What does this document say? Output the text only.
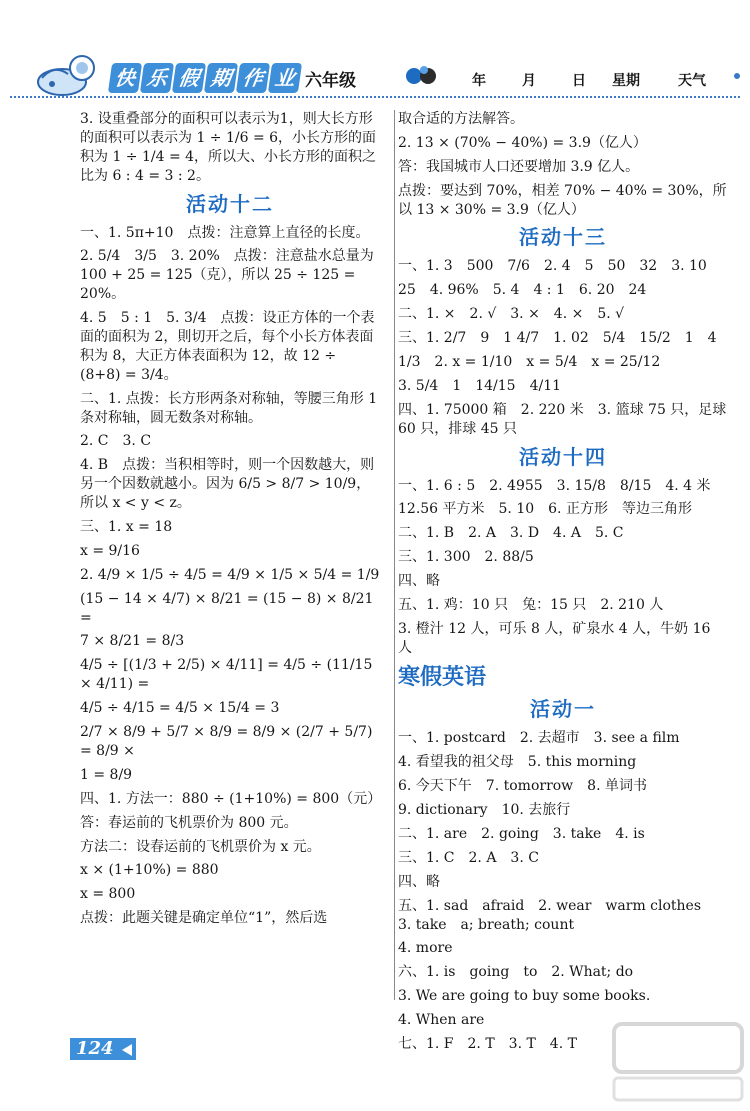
快 乐 假 期 作 业 六年级	年	月	日 星期	天气
3. 设重叠部分的面积可以表示为1，则大长方形的面积可以表示为 1 ÷ 1/6 = 6，小长方形的面积为 1 ÷ 1/4 = 4，所以大、小长方形的面积之比为 6 : 4 = 3 : 2。
活动十二
一、1. 5π+10　点拨：注意算上直径的长度。
2. 5/4　3/5　3. 20%　点拨：注意盐水总量为 100 + 25 = 125（克），所以 25 ÷ 125 = 20%。
4. 5　5 : 1　5. 3/4　点拨：设正方体的一个表面的面积为 2，則切开之后，每个小长方体表面积为 8，大正方体表面积为 12，故 12 ÷ (8+8) = 3/4。
二、1. 点拨：长方形两条对称轴，等腰三角形 1 条对称轴，圆无数条对称轴。
2. C　3. C
4. B　点拨：当积相等时，则一个因数越大，则另一个因数就越小。因为 6/5 > 8/7 > 10/9，所以 x < y < z。
三、1. x = 18
x = 9/16
2. 4/9 × 1/5 ÷ 4/5 = 4/9 × 1/5 × 5/4 = 1/9
(15 − 14 × 4/7) × 8/21 = (15 − 8) × 8/21 =
7 × 8/21 = 8/3
4/5 ÷ [(1/3 + 2/5) × 4/11] = 4/5 ÷ (11/15 × 4/11) =
4/5 ÷ 4/15 = 4/5 × 15/4 = 3
2/7 × 8/9 + 5/7 × 8/9 = 8/9 × (2/7 + 5/7) = 8/9 ×
1 = 8/9
四、1. 方法一：880 ÷ (1+10%) = 800（元）
答：春运前的飞机票价为 800 元。
方法二：设春运前的飞机票价为 x 元。
x × (1+10%) = 880
x = 800
点拨：此题关键是确定单位“1”，然后选
取合适的方法解答。
2. 13 × (70% − 40%) = 3.9（亿人）
答：我国城市人口还要增加 3.9 亿人。
点拨：要达到 70%，相差 70% − 40% = 30%，所以 13 × 30% = 3.9（亿人）
活动十三
一、1. 3　500　7/6　2. 4　5　50　32　3. 10
25　4. 96%　5. 4　4 : 1　6. 20　24
二、1. ×　2. √　3. ×　4. ×　5. √
三、1. 2/7　9　1 4/7　1. 02　5/4　15/2　1　4
1/3　2. x = 1/10　x = 5/4　x = 25/12
3. 5/4　1　14/15　4/11
四、1. 75000 箱　2. 220 米　3. 篮球 75 只，足球 60 只，排球 45 只
活动十四
一、1. 6 : 5　2. 4955　3. 15/8　8/15　4. 4 米
12.56 平方米　5. 10　6. 正方形　等边三角形
二、1. B　2. A　3. D　4. A　5. C
三、1. 300　2. 88/5
四、略
五、1. 鸡：10 只　兔：15 只　2. 210 人
3. 橙汁 12 人，可乐 8 人，矿泉水 4 人，牛奶 16 人
寒假英语
活动一
一、1. postcard　2. 去超市　3. see a film
4. 看望我的祖父母　5. this morning
6. 今天下午　7. tomorrow　8. 单词书
9. dictionary　10. 去旅行
二、1. are　2. going　3. take　4. is
三、1. C　2. A　3. C
四、略
五、1. sad　afraid　2. wear　warm clothes　3. take　a; breath; count
4. more
六、1. is　going　to　2. What; do
3. We are going to buy some books.
4. When are
七、1. F　2. T　3. T　4. T
124
